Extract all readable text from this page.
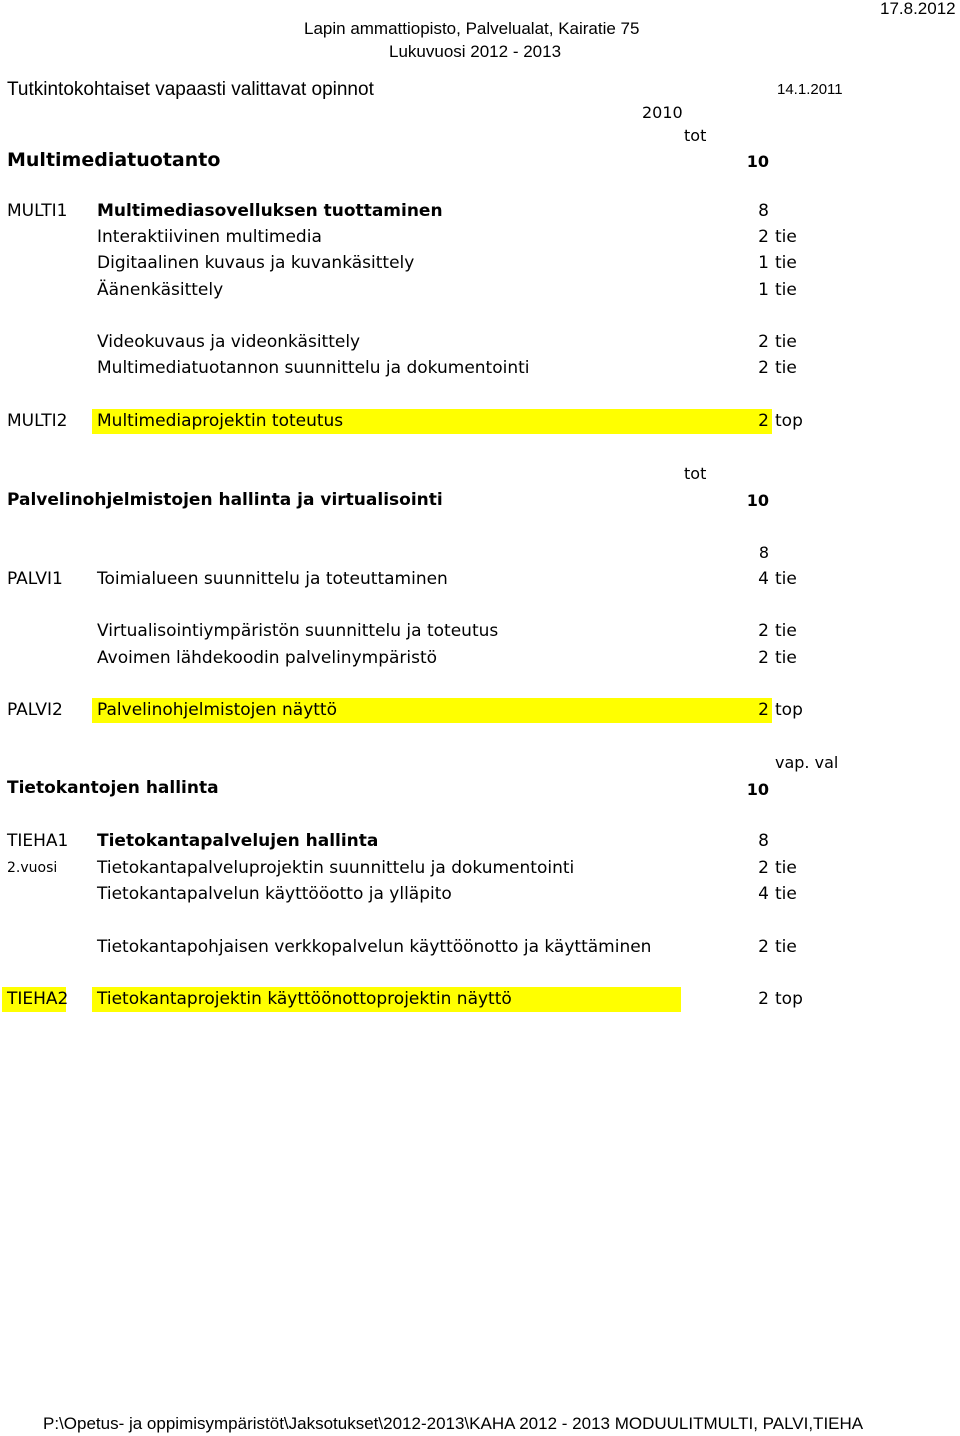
17.8.2012
Lapin ammattiopisto, Palvelualat, Kairatie 75
Lukuvuosi 2012 - 2013
Tutkintokohtaiset vapaasti valittavat opinnot	14.1.2011
2010
tot
Multimediatuotanto	10
MULTI1 Multimediasovelluksen tuottaminen	8
Interaktiivinen multimedia	2 tie
Digitaalinen kuvaus ja kuvankäsittely	1 tie
Äänenkäsittely	1 tie
Videokuvaus ja videonkäsittely	2 tie
Multimediatuotannon suunnittelu ja dokumentointi	2 tie
MULTI2 Multimediaprojektin toteutus	2 top
tot
Palvelinohjelmistojen hallinta ja virtualisointi	10
8
PALVI1 Toimialueen suunnittelu ja toteuttaminen	4 tie
Virtualisointiympäristön suunnittelu ja toteutus	2 tie
Avoimen lähdekoodin palvelinympäristö	2 tie
PALVI2 Palvelinohjelmistojen näyttö	2 top
vap. val
Tietokantojen hallinta	10
TIEHA1 Tietokantapalvelujen hallinta	8
2.vuosi Tietokantapalveluprojektin suunnittelu ja dokumentointi	2 tie
Tietokantapalvelun käyttööotto ja ylläpito	4 tie
Tietokantapohjaisen verkkopalvelun käyttöönotto ja käyttäminen	2 tie
TIEHA2 Tietokantaprojektin käyttöönottoprojektin näyttö	2 top
P:\Opetus- ja oppimisympäristöt\Jaksotukset\2012-2013\KAHA 2012 - 2013 MODUULITMULTI, PALVI,TIEHA
